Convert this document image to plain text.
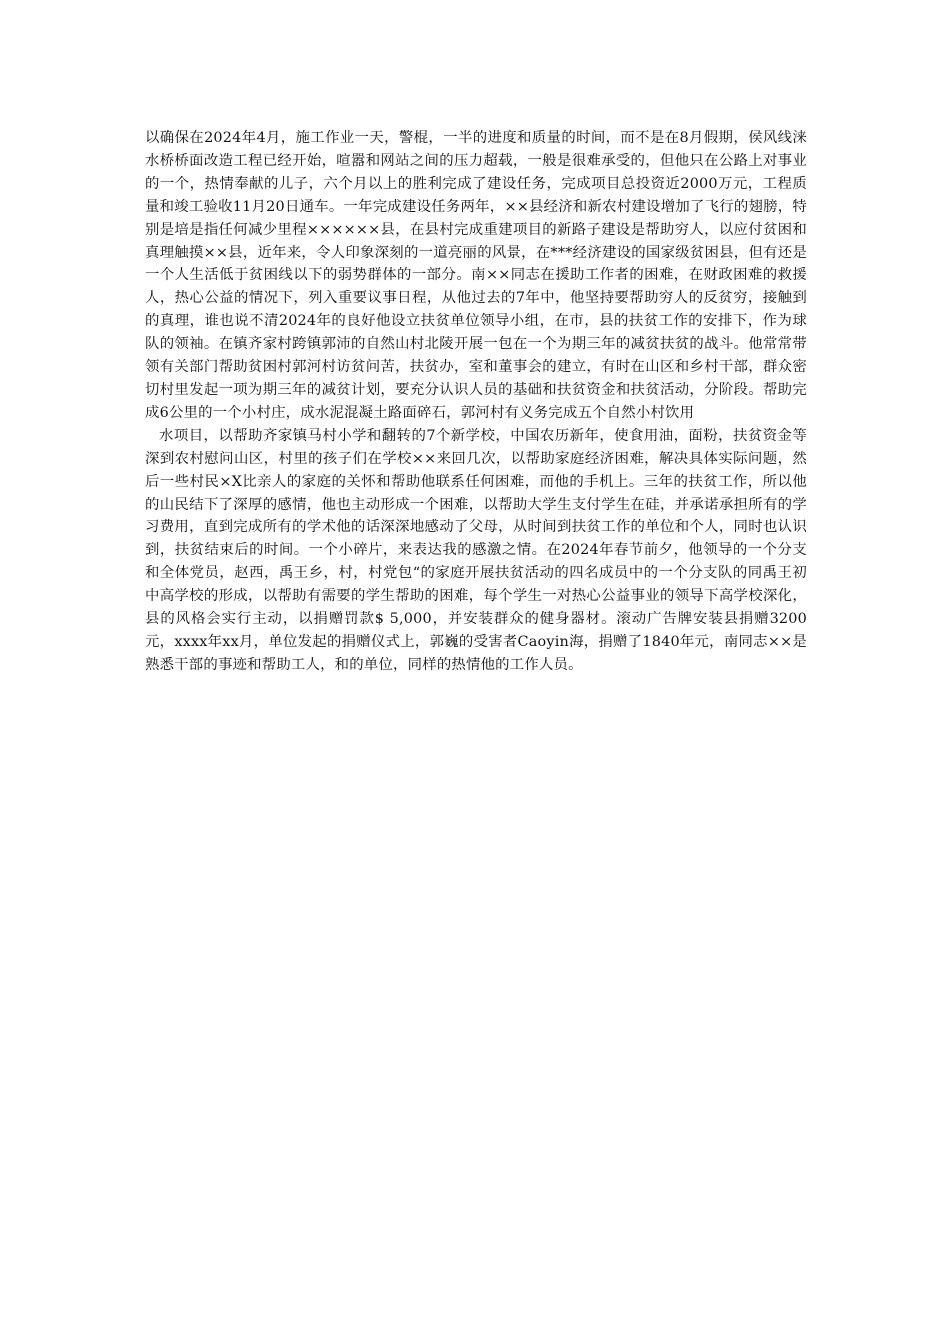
以确保在2024年4月，施工作业一天，警棍，一半的进度和质量的时间，而不是在8月假期，侯风线涞水桥桥面改造工程已经开始，喧嚣和网站之间的压力超载，一般是很难承受的，但他只在公路上对事业的一个，热情奉献的儿子，六个月以上的胜利完成了建设任务，完成项目总投资近2000万元，工程质量和竣工验收11月20日通车。一年完成建设任务两年，××县经济和新农村建设增加了飞行的翅膀，特别是培是指任何减少里程××××××县，在县村完成重建项目的新路子建设是帮助穷人，以应付贫困和真理触摸××县，近年来，令人印象深刻的一道亮丽的风景，在***经济建设的国家级贫困县，但有还是一个人生活低于贫困线以下的弱势群体的一部分。南××同志在援助工作者的困难，在财政困难的救援人，热心公益的情况下，列入重要议事日程，从他过去的7年中，他坚持要帮助穷人的反贫穷，接触到的真理，谁也说不清2024年的良好他设立扶贫单位领导小组，在市，县的扶贫工作的安排下，作为球队的领袖。在镇齐家村跨镇郭沛的自然山村北陵开展一包在一个为期三年的减贫扶贫的战斗。他常常带领有关部门帮助贫困村郭河村访贫问苦，扶贫办，室和董事会的建立，有时在山区和乡村干部，群众密切村里发起一项为期三年的减贫计划，要充分认识人员的基础和扶贫资金和扶贫活动，分阶段。帮助完成6公里的一个小村庄，成水泥混凝土路面碎石，郭河村有义务完成五个自然小村饮用

水项目，以帮助齐家镇马村小学和翻转的7个新学校，中国农历新年，使食用油，面粉，扶贫资金等深到农村慰问山区，村里的孩子们在学校××来回几次，以帮助家庭经济困难，解决具体实际问题，然后一些村民×X比亲人的家庭的关怀和帮助他联系任何困难，而他的手机上。三年的扶贫工作，所以他的山民结下了深厚的感情，他也主动形成一个困难，以帮助大学生支付学生在硅，并承诺承担所有的学习费用，直到完成所有的学术他的话深深地感动了父母，从时间到扶贫工作的单位和个人，同时也认识到，扶贫结束后的时间。一个小碎片，来表达我的感激之情。在2024年春节前夕，他领导的一个分支和全体党员，赵西，禹王乡，村，村党包“的家庭开展扶贫活动的四名成员中的一个分支队的同禹王初中高学校的形成，以帮助有需要的学生帮助的困难，每个学生一对热心公益事业的领导下高学校深化，县的风格会实行主动，以捐赠罚款$ 5,000，并安装群众的健身器材。滚动广告牌安装县捐赠3200元，xxxx年xx月，单位发起的捐赠仪式上，郭巍的受害者Caoyin海，捐赠了1840年元，南同志××是熟悉干部的事迹和帮助工人，和的单位，同样的热情他的工作人员。
